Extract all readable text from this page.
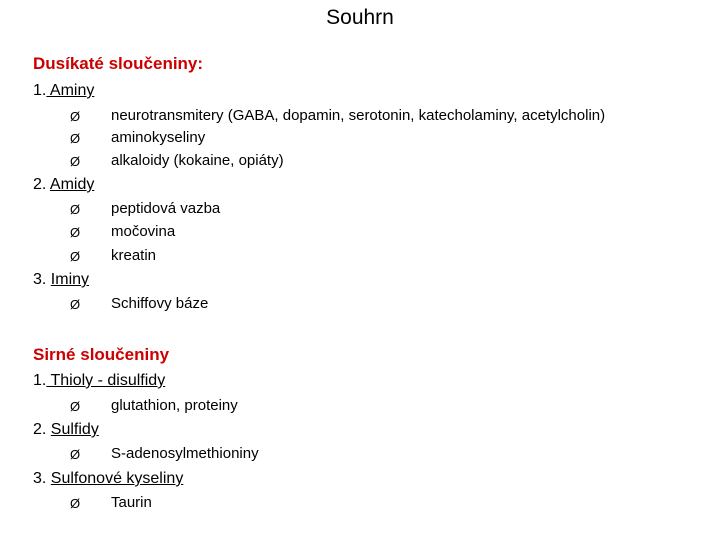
Souhrn
Dusíkaté sloučeniny:
1. Aminy
Ø neurotransmitery (GABA, dopamin, serotonin, katecholaminy, acetylcholin)
Ø aminokyseliny
Ø alkaloidy (kokaine, opiáty)
2. Amidy
Ø peptidová vazba
Ø močovina
Ø kreatin
3. Iminy
Ø Schiffovy báze
Sirné sloučeniny
1. Thioly - disulfidy
Ø glutathion, proteiny
2. Sulfidy
Ø S-adenosylmethioniny
3. Sulfonové kyseliny
Ø Taurin
